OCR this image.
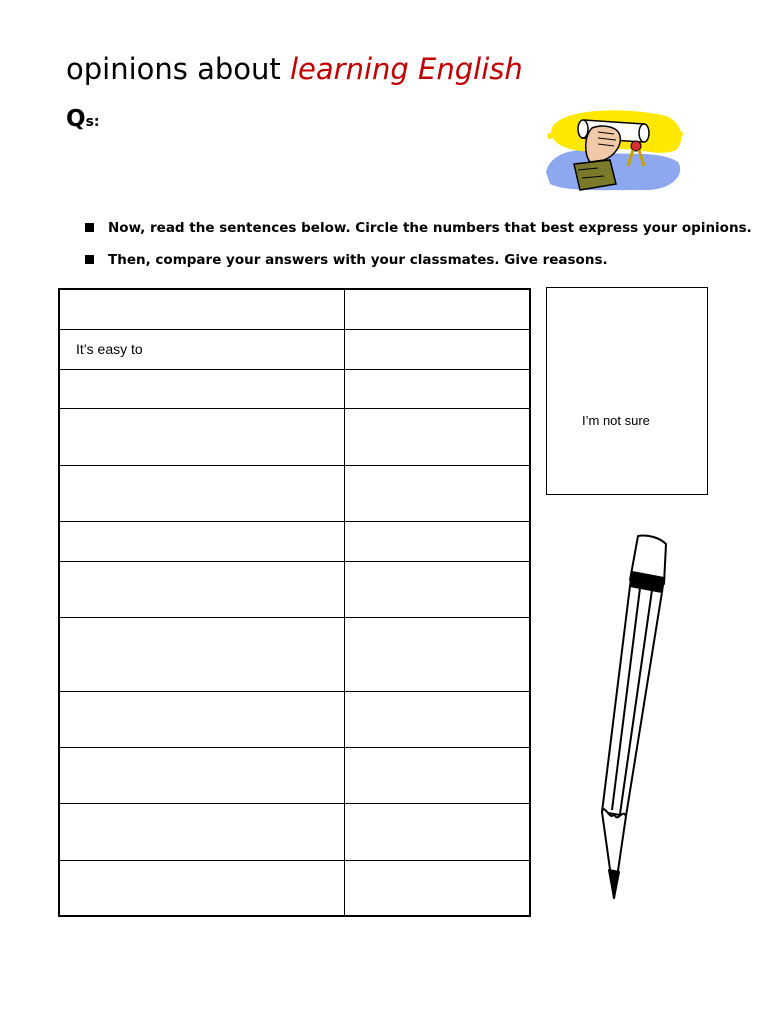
opinions about learning English
Qs:
Now, read the sentences below. Circle the numbers that best express your opinions.
Then, compare your answers with your classmates. Give reasons.

It’s easy to	

I’m not sure
